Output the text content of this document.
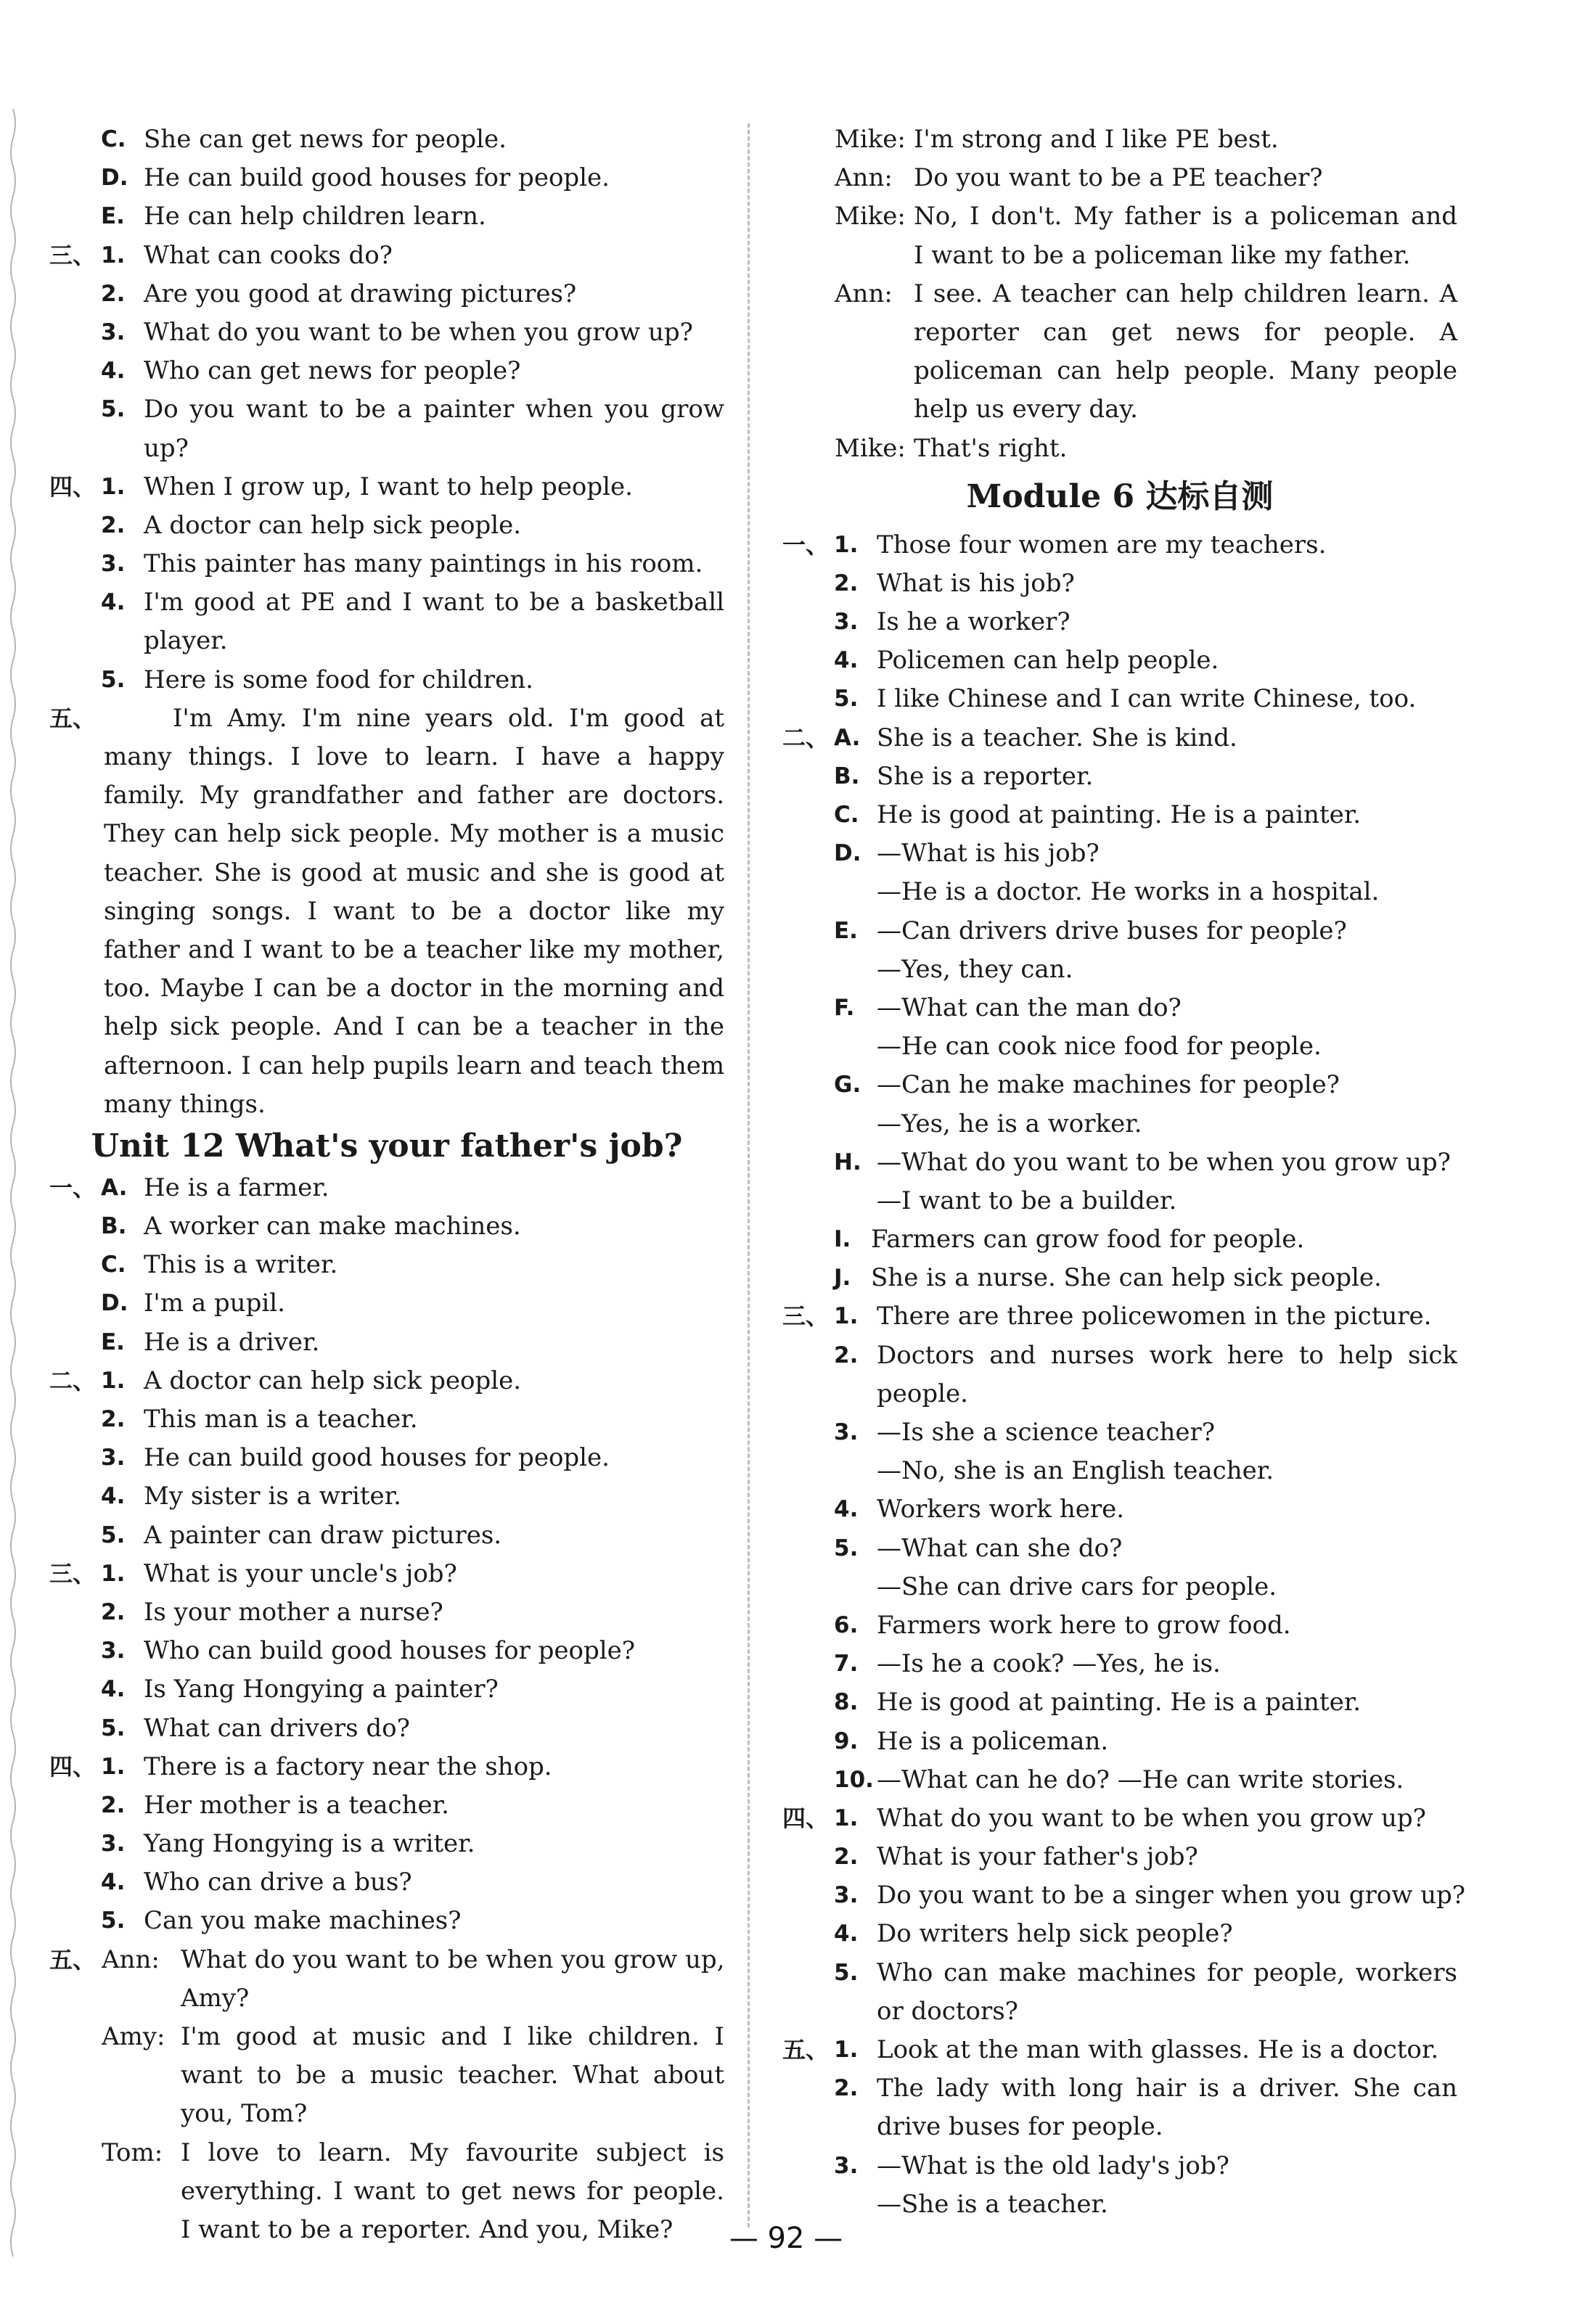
C. She can get news for people.
D. He can build good houses for people.
E. He can help children learn.
三、 1. What can cooks do?
2. Are you good at drawing pictures?
3. What do you want to be when you grow up?
4. Who can get news for people?
5. Do you want to be a painter when you grow
up?
四、 1. When I grow up, I want to help people.
2. A doctor can help sick people.
3. This painter has many paintings in his room.
4. I'm good at PE and I want to be a basketball
player.
5. Here is some food for children.
五、	I'm Amy. I'm nine years old. I'm good at
many things. I love to learn. I have a happy
family. My grandfather and father are doctors.
They can help sick people. My mother is a music
teacher. She is good at music and she is good at
singing songs. I want to be a doctor like my
father and I want to be a teacher like my mother,
too. Maybe I can be a doctor in the morning and
help sick people. And I can be a teacher in the
afternoon. I can help pupils learn and teach them
many things.
Unit 12 What's your father's job?
一、 A. He is a farmer.
B. A worker can make machines.
C. This is a writer.
D. I'm a pupil.
E. He is a driver.
二、 1. A doctor can help sick people.
2. This man is a teacher.
3. He can build good houses for people.
4. My sister is a writer.
5. A painter can draw pictures.
三、 1. What is your uncle's job?
2. Is your mother a nurse?
3. Who can build good houses for people?
4. Is Yang Hongying a painter?
5. What can drivers do?
四、 1. There is a factory near the shop.
2. Her mother is a teacher.
3. Yang Hongying is a writer.
4. Who can drive a bus?
5. Can you make machines?
五、 Ann: What do you want to be when you grow up,
Amy?
Amy: I'm good at music and I like children. I
want to be a music teacher. What about
you, Tom?
Tom: I love to learn. My favourite subject is
everything. I want to get news for people.
I want to be a reporter. And you, Mike?
Mike: I'm strong and I like PE best.
Ann: Do you want to be a PE teacher?
Mike: No, I don't. My father is a policeman and
I want to be a policeman like my father.
Ann: I see. A teacher can help children learn. A
reporter can get news for people. A
policeman can help people. Many people
help us every day.
Mike: That's right.
Module 6 达标自测
一、 1. Those four women are my teachers.
2. What is his job?
3. Is he a worker?
4. Policemen can help people.
5. I like Chinese and I can write Chinese, too.
二、 A. She is a teacher. She is kind.
B. She is a reporter.
C. He is good at painting. He is a painter.
D. —What is his job?
—He is a doctor. He works in a hospital.
E. —Can drivers drive buses for people?
—Yes, they can.
F. —What can the man do?
—He can cook nice food for people.
G. —Can he make machines for people?
—Yes, he is a worker.
H. —What do you want to be when you grow up?
—I want to be a builder.
I. Farmers can grow food for people.
J. She is a nurse. She can help sick people.
三、 1. There are three policewomen in the picture.
2. Doctors and nurses work here to help sick
people.
3. —Is she a science teacher?
—No, she is an English teacher.
4. Workers work here.
5. —What can she do?
—She can drive cars for people.
6. Farmers work here to grow food.
7. —Is he a cook? —Yes, he is.
8. He is good at painting. He is a painter.
9. He is a policeman.
10. —What can he do? —He can write stories.
四、 1. What do you want to be when you grow up?
2. What is your father's job?
3. Do you want to be a singer when you grow up?
4. Do writers help sick people?
5. Who can make machines for people, workers
or doctors?
五、 1. Look at the man with glasses. He is a doctor.
2. The lady with long hair is a driver. She can
drive buses for people.
3. —What is the old lady's job?
—She is a teacher.
— 92 —
